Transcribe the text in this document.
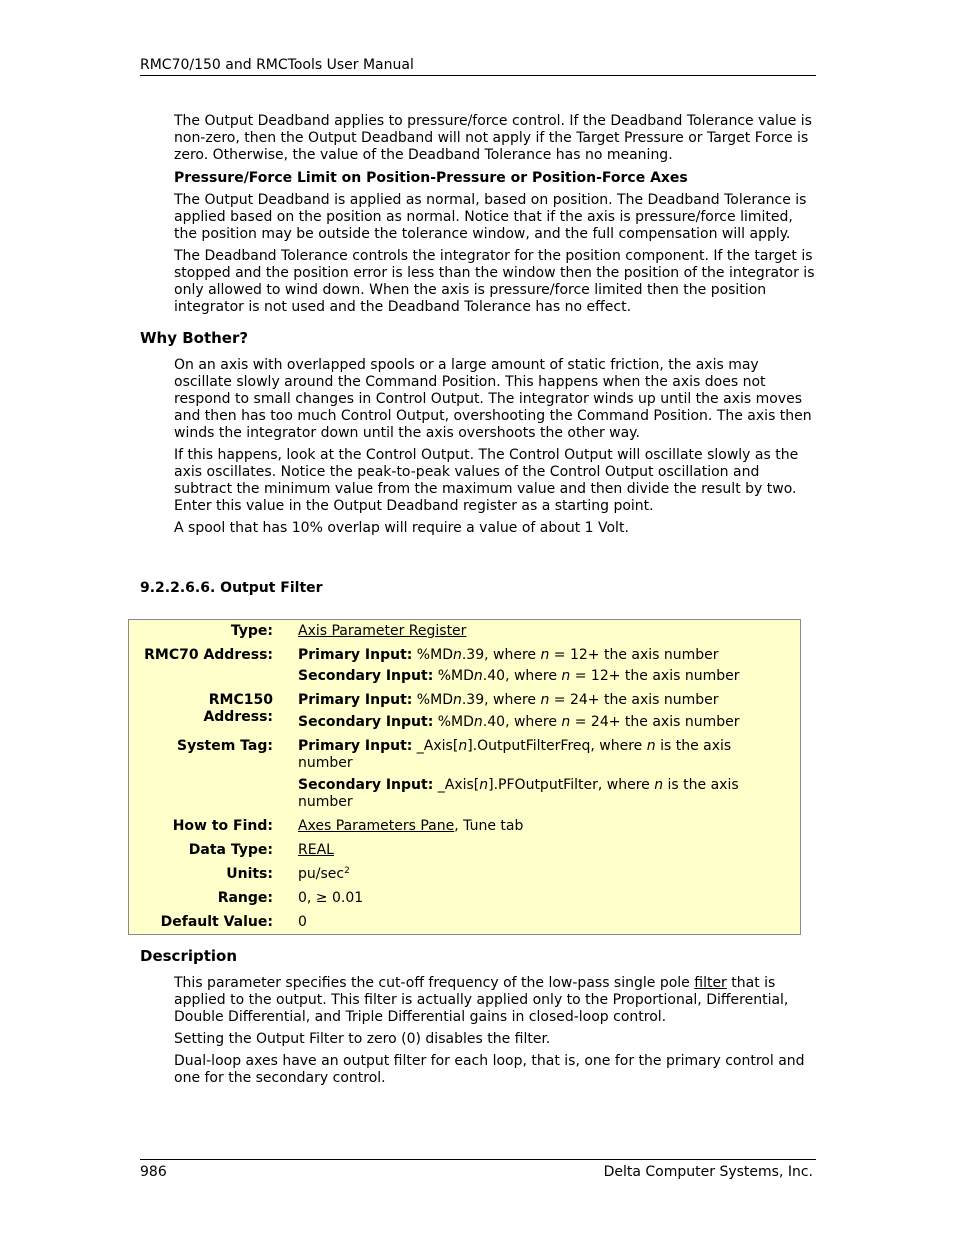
RMC70/150 and RMCTools User Manual

The Output Deadband applies to pressure/force control. If the Deadband Tolerance value is non-zero, then the Output Deadband will not apply if the Target Pressure or Target Force is zero. Otherwise, the value of the Deadband Tolerance has no meaning.

Pressure/Force Limit on Position-Pressure or Position-Force Axes

The Output Deadband is applied as normal, based on position. The Deadband Tolerance is applied based on the position as normal. Notice that if the axis is pressure/force limited, the position may be outside the tolerance window, and the full compensation will apply.

The Deadband Tolerance controls the integrator for the position component. If the target is stopped and the position error is less than the window then the position of the integrator is only allowed to wind down. When the axis is pressure/force limited then the position integrator is not used and the Deadband Tolerance has no effect.

Why Bother?

On an axis with overlapped spools or a large amount of static friction, the axis may oscillate slowly around the Command Position. This happens when the axis does not respond to small changes in Control Output. The integrator winds up until the axis moves and then has too much Control Output, overshooting the Command Position. The axis then winds the integrator down until the axis overshoots the other way.

If this happens, look at the Control Output. The Control Output will oscillate slowly as the axis oscillates. Notice the peak-to-peak values of the Control Output oscillation and subtract the minimum value from the maximum value and then divide the result by two. Enter this value in the Output Deadband register as a starting point.

A spool that has 10% overlap will require a value of about 1 Volt.

9.2.2.6.6. Output Filter
Type: Axis Parameter Register
RMC70 Address: Primary Input: %MDn.39, where n = 12+ the axis number
Secondary Input: %MDn.40, where n = 12+ the axis number
RMC150
Address:
Primary Input: %MDn.39, where n = 24+ the axis number
Secondary Input: %MDn.40, where n = 24+ the axis number
System Tag: Primary Input: _Axis[n].OutputFilterFreq, where n is the axis number
Secondary Input: _Axis[n].PFOutputFilter, where n is the axis number
How to Find: Axes Parameters Pane, Tune tab
Data Type: REAL
Units: $pu/\sec^2$
Range: 0, ≥ 0.01
Default Value: 0
Description

This parameter specifies the cut-off frequency of the low-pass single pole filter that is applied to the output. This filter is actually applied only to the Proportional, Differential, Double Differential, and Triple Differential gains in closed-loop control.

Setting the Output Filter to zero (0) disables the filter.

Dual-loop axes have an output filter for each loop, that is, one for the primary control and one for the secondary control.

986	Delta Computer Systems, Inc.
